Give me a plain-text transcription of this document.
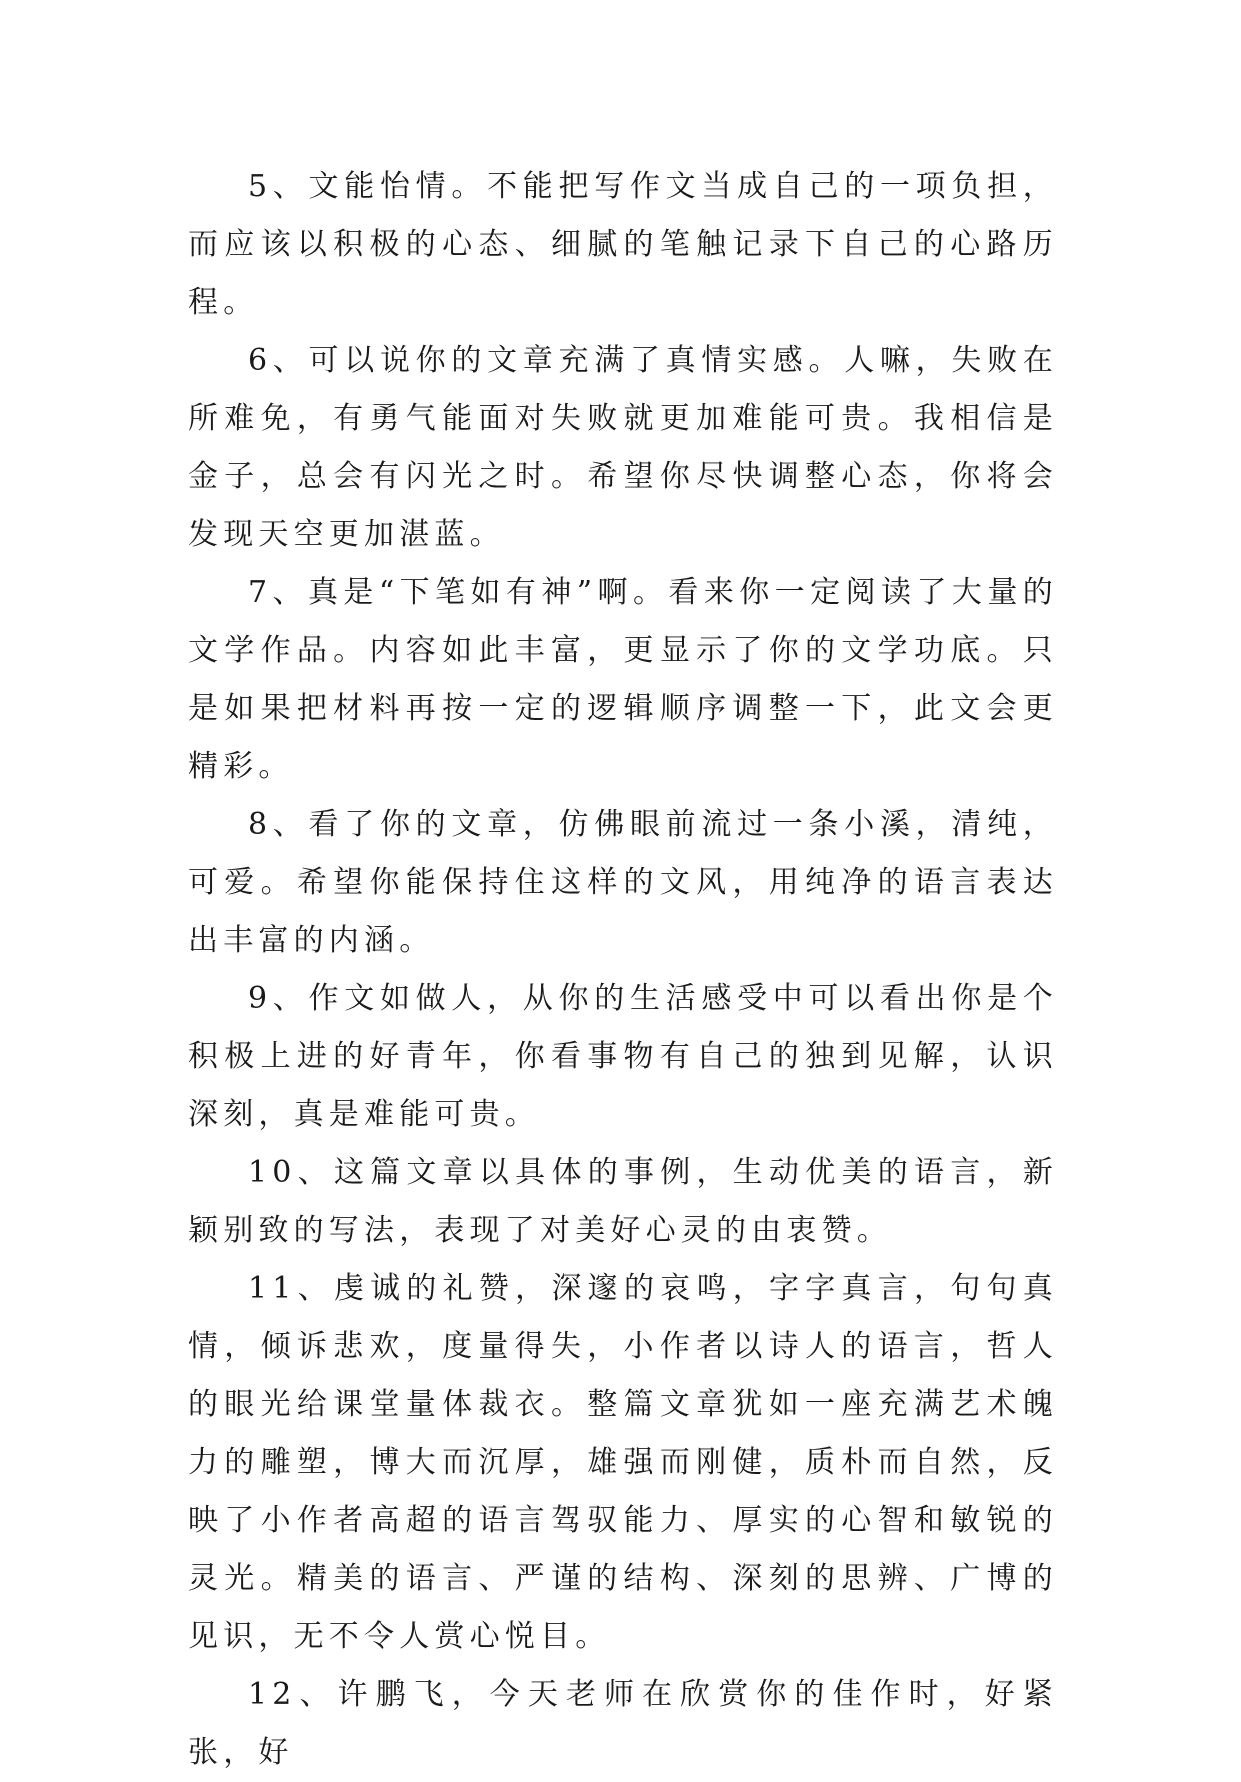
5、文能怡情。不能把写作文当成自己的一项负担，而应该以积极的心态、细腻的笔触记录下自己的心路历程。

6、可以说你的文章充满了真情实感。人嘛，失败在所难免，有勇气能面对失败就更加难能可贵。我相信是金子，总会有闪光之时。希望你尽快调整心态，你将会发现天空更加湛蓝。

7、真是“下笔如有神”啊。看来你一定阅读了大量的文学作品。内容如此丰富，更显示了你的文学功底。只是如果把材料再按一定的逻辑顺序调整一下，此文会更精彩。

8、看了你的文章，仿佛眼前流过一条小溪，清纯，可爱。希望你能保持住这样的文风，用纯净的语言表达出丰富的内涵。

9、作文如做人，从你的生活感受中可以看出你是个积极上进的好青年，你看事物有自己的独到见解，认识深刻，真是难能可贵。

10、这篇文章以具体的事例，生动优美的语言，新颖别致的写法，表现了对美好心灵的由衷赞。

11、虔诚的礼赞，深邃的哀鸣，字字真言，句句真情，倾诉悲欢，度量得失，小作者以诗人的语言，哲人的眼光给课堂量体裁衣。整篇文章犹如一座充满艺术魄力的雕塑，博大而沉厚，雄强而刚健，质朴而自然，反映了小作者高超的语言驾驭能力、厚实的心智和敏锐的灵光。精美的语言、严谨的结构、深刻的思辨、广博的见识，无不令人赏心悦目。

12、许鹏飞，今天老师在欣赏你的佳作时，好紧张，好
